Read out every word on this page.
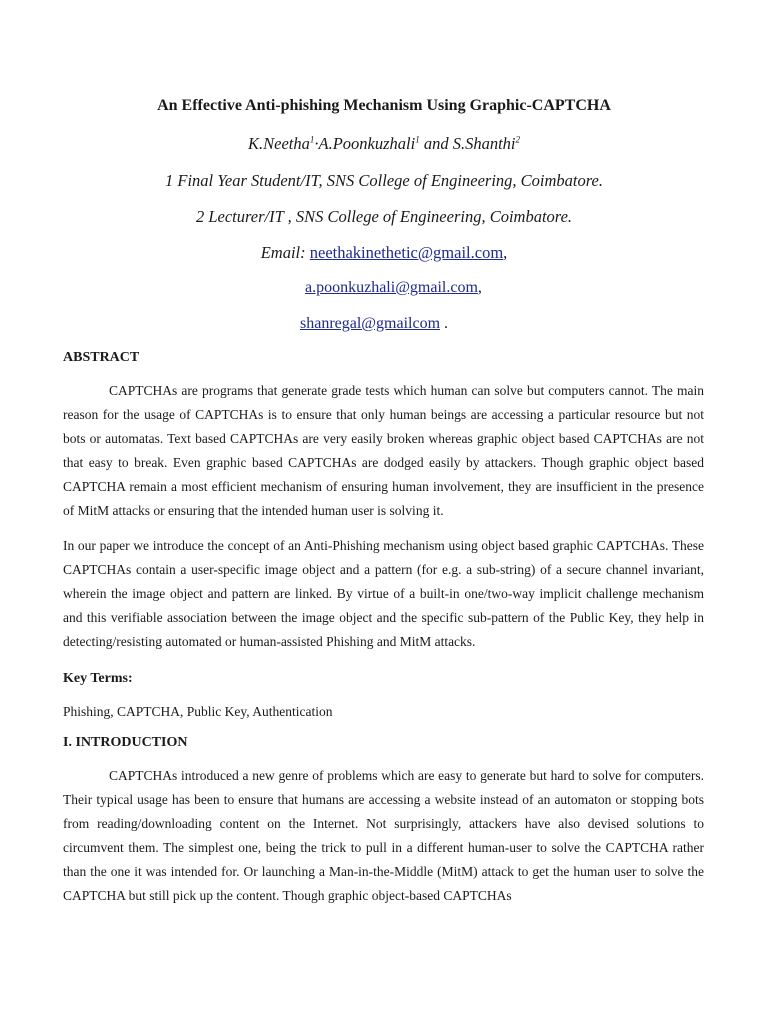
An Effective Anti-phishing Mechanism Using Graphic-CAPTCHA

K.Neetha$^1$·A.Poonkuzhali$^1$ and S.Shanthi$^2$

1 Final Year Student/IT, SNS College of Engineering, Coimbatore.

2 Lecturer/IT , SNS College of Engineering, Coimbatore.

Email: neethakinethetic@gmail.com,

a.poonkuzhali@gmail.com,

shanregal@gmailcom .

ABSTRACT

CAPTCHAs are programs that generate grade tests which human can solve but computers cannot. The main reason for the usage of CAPTCHAs is to ensure that only human beings are accessing a particular resource but not bots or automatas. Text based CAPTCHAs are very easily broken whereas graphic object based CAPTCHAs are not that easy to break. Even graphic based CAPTCHAs are dodged easily by attackers. Though graphic object based CAPTCHA remain a most efficient mechanism of ensuring human involvement, they are insufficient in the presence of MitM attacks or ensuring that the intended human user is solving it.

In our paper we introduce the concept of an Anti-Phishing mechanism using object based graphic CAPTCHAs. These CAPTCHAs contain a user-specific image object and a pattern (for e.g. a sub-string) of a secure channel invariant, wherein the image object and pattern are linked. By virtue of a built-in one/two-way implicit challenge mechanism and this verifiable association between the image object and the specific sub-pattern of the Public Key, they help in detecting/resisting automated or human-assisted Phishing and MitM attacks.

Key Terms:

Phishing, CAPTCHA, Public Key, Authentication

I. INTRODUCTION

CAPTCHAs introduced a new genre of problems which are easy to generate but hard to solve for computers. Their typical usage has been to ensure that humans are accessing a website instead of an automaton or stopping bots from reading/downloading content on the Internet. Not surprisingly, attackers have also devised solutions to circumvent them. The simplest one, being the trick to pull in a different human-user to solve the CAPTCHA rather than the one it was intended for. Or launching a Man-in-the-Middle (MitM) attack to get the human user to solve the CAPTCHA but still pick up the content. Though graphic object-based CAPTCHAs
